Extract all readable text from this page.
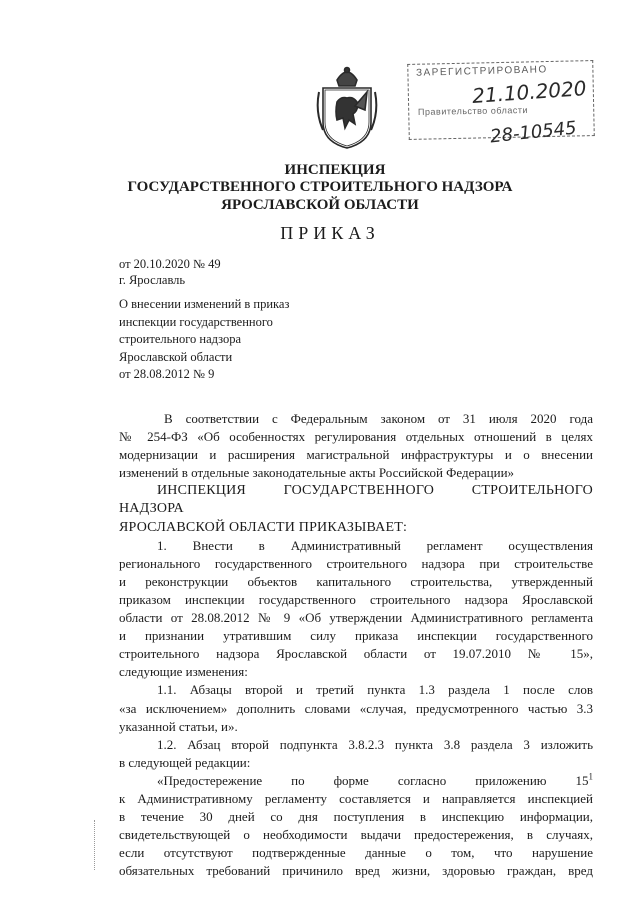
ЗАРЕГИСТРИРОВАНО
21.10.2020
Правительство области
28-10545
ИНСПЕКЦИЯ
ГОСУДАРСТВЕННОГО СТРОИТЕЛЬНОГО НАДЗОРА
ЯРОСЛАВСКОЙ ОБЛАСТИ
ПРИКАЗ
от 20.10.2020 № 49
г. Ярославль
О внесении изменений в приказ
инспекции государственного
строительного надзора
Ярославской области
от 28.08.2012 № 9
В соответствии с Федеральным законом от 31 июля 2020 года
№ 254-ФЗ «Об особенностях регулирования отдельных отношений в целях
модернизации и расширения магистральной инфраструктуры и о внесении
изменений в отдельные законодательные акты Российской Федерации»
ИНСПЕКЦИЯ ГОСУДАРСТВЕННОГО СТРОИТЕЛЬНОГО НАДЗОРА
ЯРОСЛАВСКОЙ ОБЛАСТИ ПРИКАЗЫВАЕТ:
1. Внести в Административный регламент осуществления
регионального государственного строительного надзора при строительстве
и реконструкции объектов капитального строительства, утвержденный
приказом инспекции государственного строительного надзора Ярославской
области от 28.08.2012 № 9 «Об утверждении Административного регламента
и признании утратившим силу приказа инспекции государственного
строительного надзора Ярославской области от 19.07.2010 № 15»,
следующие изменения:
1.1. Абзацы второй и третий пункта 1.3 раздела 1 после слов
«за исключением» дополнить словами «случая, предусмотренного частью 3.3
указанной статьи, и».
1.2. Абзац второй подпункта 3.8.2.3 пункта 3.8 раздела 3 изложить
в следующей редакции:
«Предостережение по форме согласно приложению $15^1$
к Административному регламенту составляется и направляется инспекцией
в течение 30 дней со дня поступления в инспекцию информации,
свидетельствующей о необходимости выдачи предостережения, в случаях,
если отсутствуют подтвержденные данные о том, что нарушение
обязательных требований причинило вред жизни, здоровью граждан, вред
